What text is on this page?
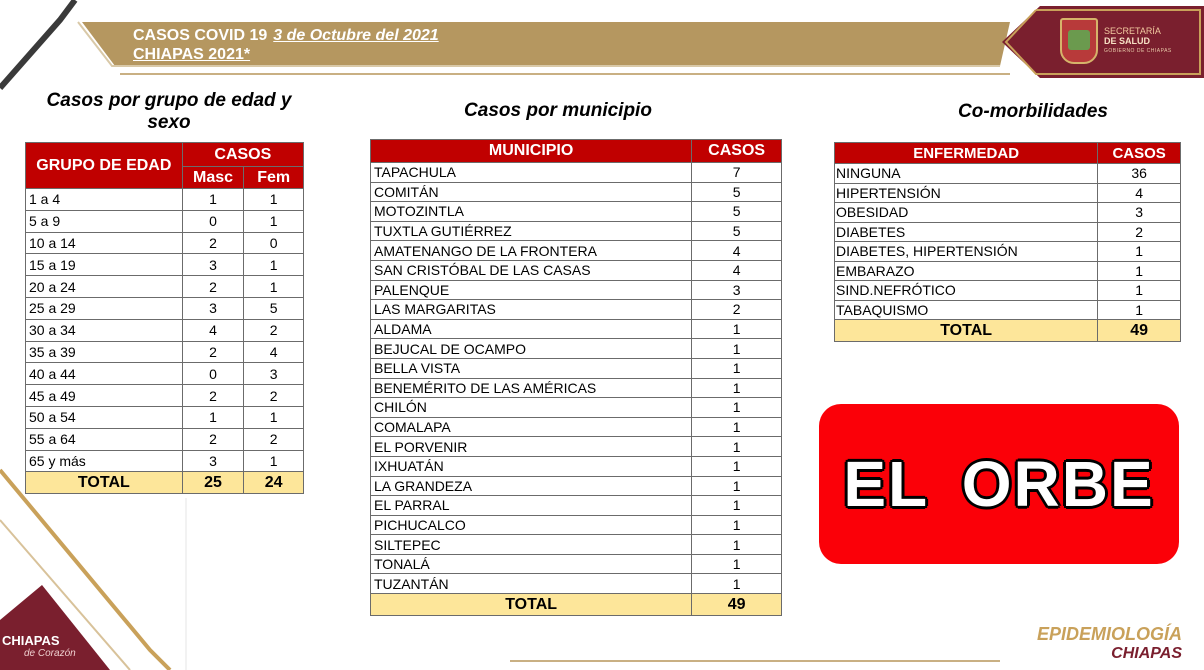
CASOS COVID 19 3 de Octubre del 2021
CHIAPAS 2021*
SECRETARÍA
DE SALUD
GOBIERNO DE CHIAPAS
Casos por grupo de edad y
sexo
Casos por municipio	Co-morbilidades
GRUPO DE EDAD	CASOS	
	Masc	Fem
1 a 4	1	1
5 a 9	0	1
10 a 14	2	0
15 a 19	3	1
20 a 24	2	1
25 a 29	3	5
30 a 34	4	2
35 a 39	2	4
40 a 44	0	3
45 a 49	2	2
50 a 54	1	1
55 a 64	2	2
65 y más	3	1
TOTAL	25	24
MUNICIPIO	CASOS
TAPACHULA	7
COMITÁN	5
MOTOZINTLA	5
TUXTLA GUTIÉRREZ	5
AMATENANGO DE LA FRONTERA	4
SAN CRISTÓBAL DE LAS CASAS	4
PALENQUE	3
LAS MARGARITAS	2
ALDAMA	1
BEJUCAL DE OCAMPO	1
BELLA VISTA	1
BENEMÉRITO DE LAS AMÉRICAS	1
CHILÓN	1
COMALAPA	1
EL PORVENIR	1
IXHUATÁN	1
LA GRANDEZA	1
EL PARRAL	1
PICHUCALCO	1
SILTEPEC	1
TONALÁ	1
TUZANTÁN	1
TOTAL	49
ENFERMEDAD	CASOS
NINGUNA	36
HIPERTENSIÓN	4
OBESIDAD	3
DIABETES	2
DIABETES, HIPERTENSIÓN	1
EMBARAZO	1
SIND.NEFRÓTICO	1
TABAQUISMO	1
TOTAL	49
EL ORBE
EPIDEMIOLOGÍA
CHIAPAS
CHIAPAS
de Corazón
